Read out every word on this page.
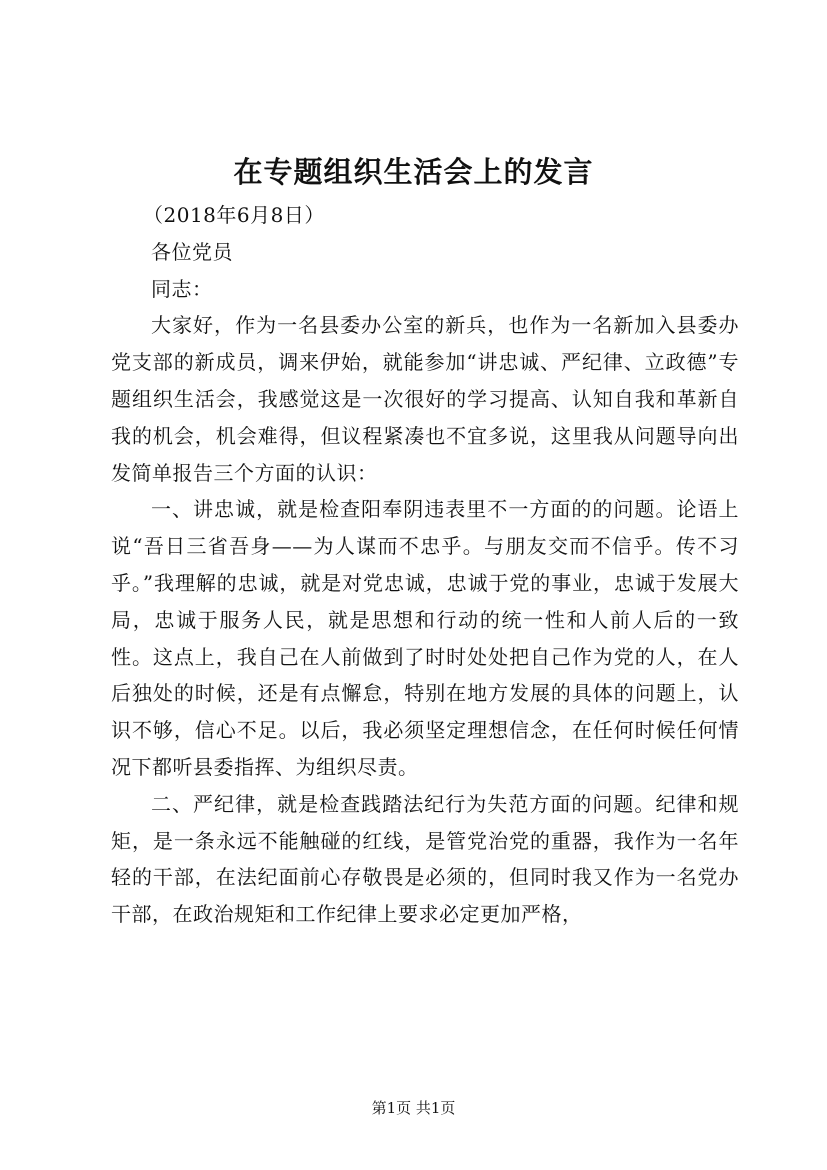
在专题组织生活会上的发言

（2018年6月8日）

各位党员

同志：

大家好，作为一名县委办公室的新兵，也作为一名新加入县委办党支部的新成员，调来伊始，就能参加“讲忠诚、严纪律、立政德”专题组织生活会，我感觉这是一次很好的学习提高、认知自我和革新自我的机会，机会难得，但议程紧凑也不宜多说，这里我从问题导向出发简单报告三个方面的认识：

一、讲忠诚，就是检查阳奉阴违表里不一方面的的问题。论语上说“吾日三省吾身——为人谋而不忠乎。与朋友交而不信乎。传不习乎。”我理解的忠诚，就是对党忠诚，忠诚于党的事业，忠诚于发展大局，忠诚于服务人民，就是思想和行动的统一性和人前人后的一致性。这点上，我自己在人前做到了时时处处把自己作为党的人，在人后独处的时候，还是有点懈怠，特别在地方发展的具体的问题上，认识不够，信心不足。以后，我必须坚定理想信念，在任何时候任何情况下都听县委指挥、为组织尽责。

二、严纪律，就是检查践踏法纪行为失范方面的问题。纪律和规矩，是一条永远不能触碰的红线，是管党治党的重器，我作为一名年轻的干部，在法纪面前心存敬畏是必须的，但同时我又作为一名党办干部，在政治规矩和工作纪律上要求必定更加严格，

第1页 共1页
